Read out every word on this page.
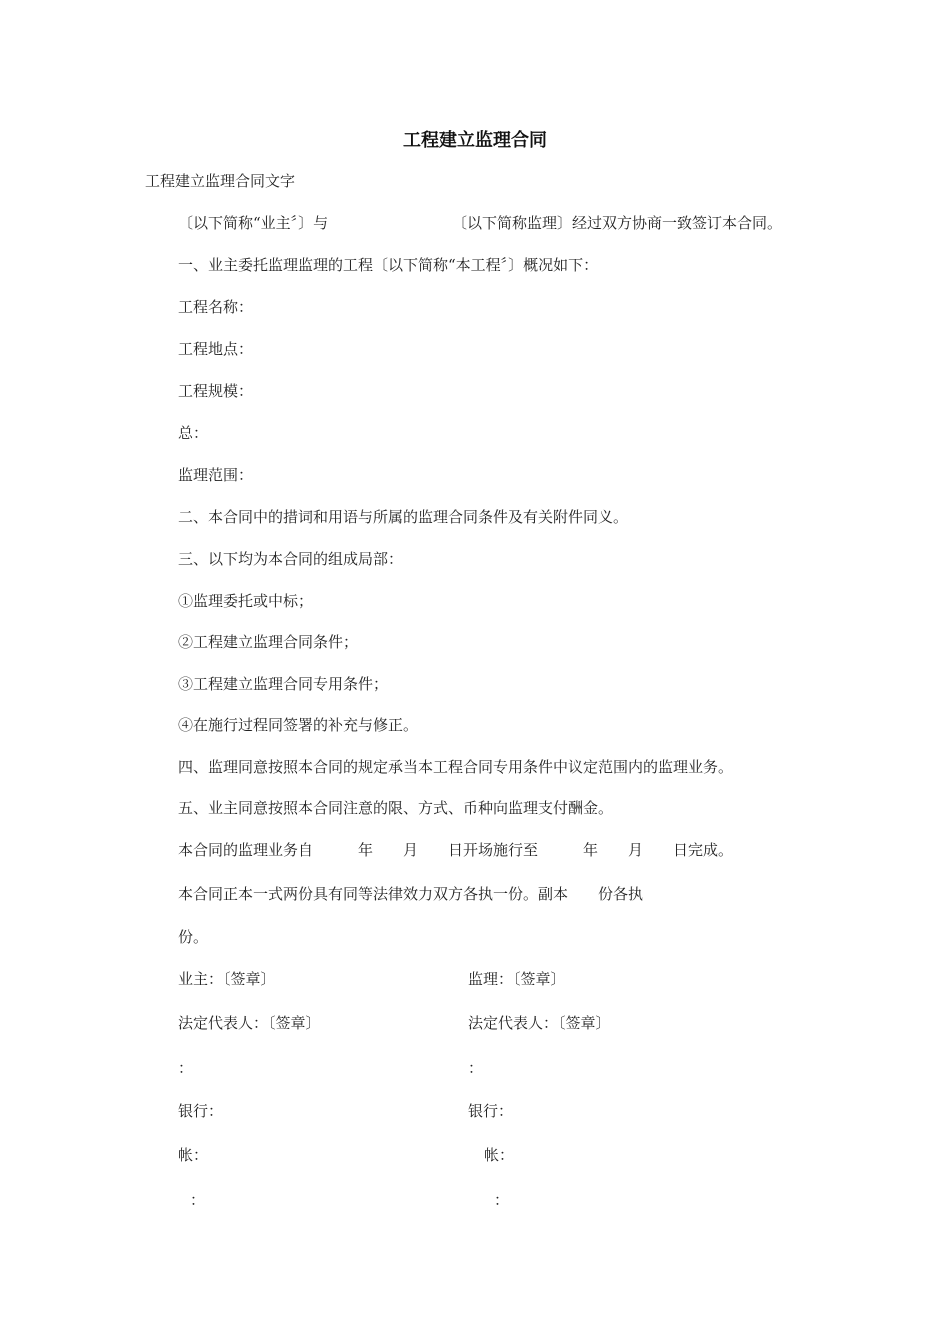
工程建立监理合同
工程建立监理合同文字
〔以下简称“业主〞〕与	〔以下简称监理〕经过双方协商一致签订本合同。
一、业主委托监理监理的工程〔以下简称“本工程〞〕概况如下：
工程名称：
工程地点：
工程规模：
总：
监理范围：
二、本合同中的措词和用语与所属的监理合同条件及有关附件同义。
三、以下均为本合同的组成局部：
①监理委托或中标；
②工程建立监理合同条件；
③工程建立监理合同专用条件；
④在施行过程同签署的补充与修正。
四、监理同意按照本合同的规定承当本工程合同专用条件中议定范围内的监理业务。
五、业主同意按照本合同注意的限、方式、币种向监理支付酬金。
本合同的监理业务自　　　年　　月　　日开场施行至　　　年　　月　　日完成。
本合同正本一式两份具有同等法律效力双方各执一份。副本　　份各执
份。
业主：〔签章〕	监理：〔签章〕
法定代表人：〔签章〕	法定代表人：〔签章〕
：	：
银行：	银行：
帐：	帐：
：	：
